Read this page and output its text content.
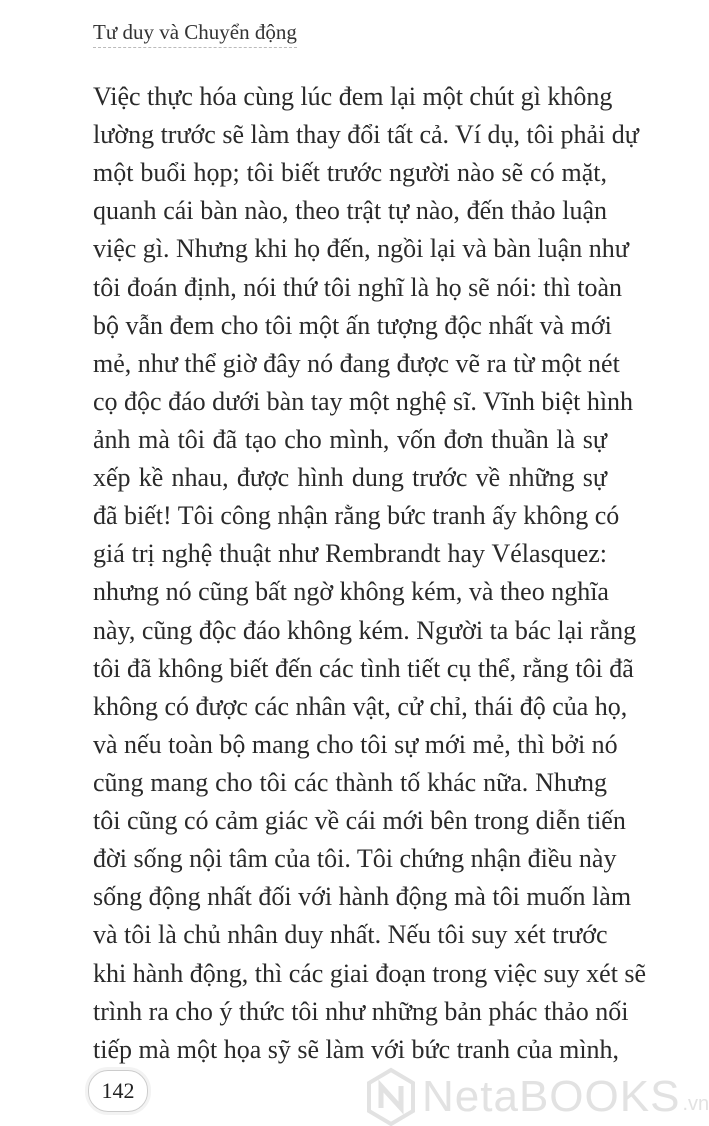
Tư duy và Chuyển động
Việc thực hóa cùng lúc đem lại một chút gì không
lường trước sẽ làm thay đổi tất cả. Ví dụ, tôi phải dự
một buổi họp; tôi biết trước người nào sẽ có mặt,
quanh cái bàn nào, theo trật tự nào, đến thảo luận
việc gì. Nhưng khi họ đến, ngồi lại và bàn luận như
tôi đoán định, nói thứ tôi nghĩ là họ sẽ nói: thì toàn
bộ vẫn đem cho tôi một ấn tượng độc nhất và mới
mẻ, như thể giờ đây nó đang được vẽ ra từ một nét
cọ độc đáo dưới bàn tay một nghệ sĩ. Vĩnh biệt hình
ảnh mà tôi đã tạo cho mình, vốn đơn thuần là sự
xếp kề nhau, được hình dung trước về những sự
đã biết! Tôi công nhận rằng bức tranh ấy không có
giá trị nghệ thuật như Rembrandt hay Vélasquez:
nhưng nó cũng bất ngờ không kém, và theo nghĩa
này, cũng độc đáo không kém. Người ta bác lại rằng
tôi đã không biết đến các tình tiết cụ thể, rằng tôi đã
không có được các nhân vật, cử chỉ, thái độ của họ,
và nếu toàn bộ mang cho tôi sự mới mẻ, thì bởi nó
cũng mang cho tôi các thành tố khác nữa. Nhưng
tôi cũng có cảm giác về cái mới bên trong diễn tiến
đời sống nội tâm của tôi. Tôi chứng nhận điều này
sống động nhất đối với hành động mà tôi muốn làm
và tôi là chủ nhân duy nhất. Nếu tôi suy xét trước
khi hành động, thì các giai đoạn trong việc suy xét sẽ
trình ra cho ý thức tôi như những bản phác thảo nối
tiếp mà một họa sỹ sẽ làm với bức tranh của mình,
142	NetaBOOKS .vn
